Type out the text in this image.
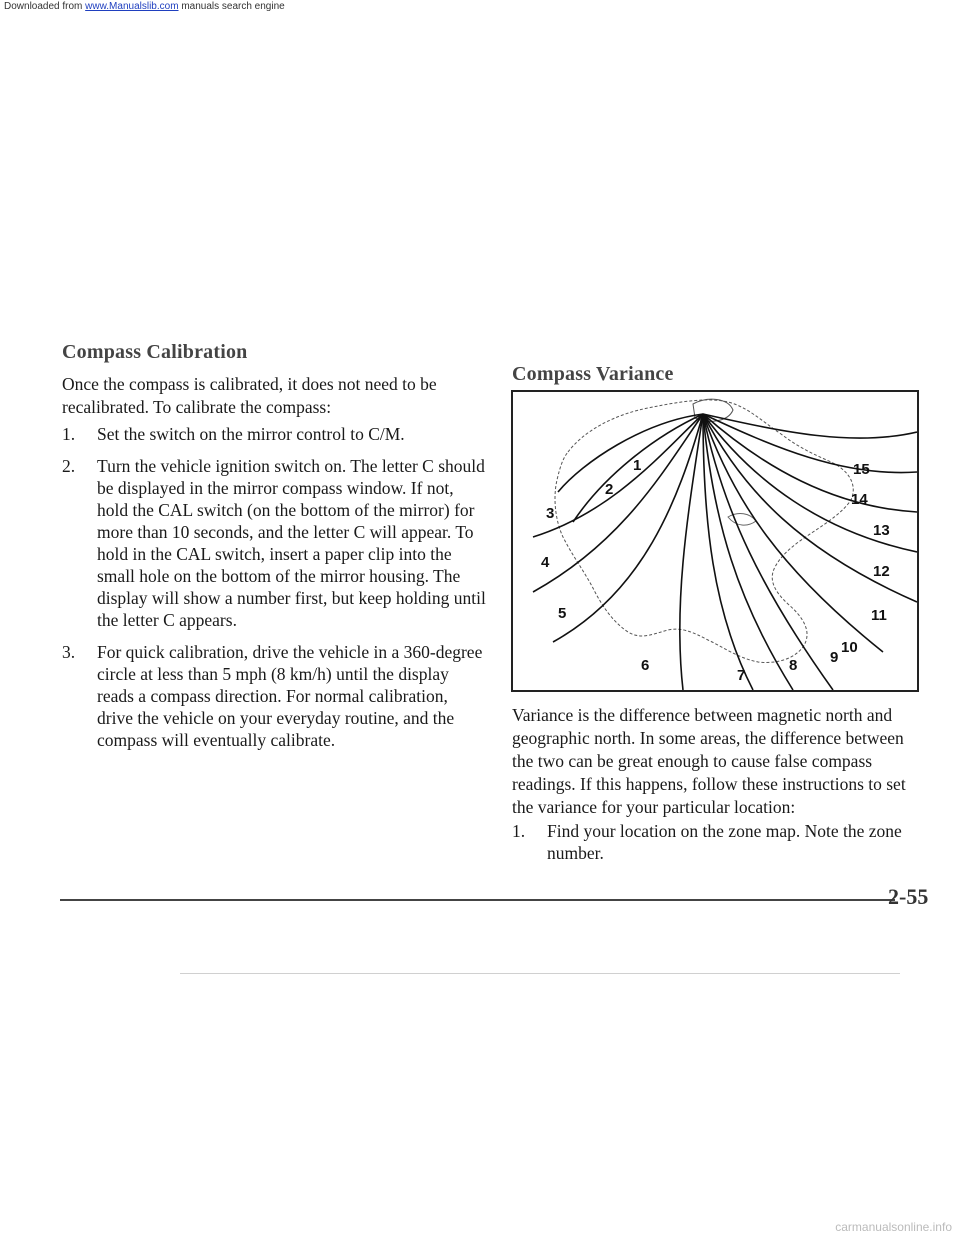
Downloaded from www.Manualslib.com manuals search engine
Compass Calibration

Once the compass is calibrated, it does not need to be recalibrated. To calibrate the compass:

1.	Set the switch on the mirror control to C/M.
2.	Turn the vehicle ignition switch on. The letter C should be displayed in the mirror compass window. If not, hold the CAL switch (on the bottom of the mirror) for more than 10 seconds, and the letter C will appear. To hold in the CAL switch, insert a paper clip into the small hole on the bottom of the mirror housing. The display will show a number first, but keep holding until the letter C appears.
3.	For quick calibration, drive the vehicle in a 360-degree circle at less than 5 mph (8 km/h) until the display reads a compass direction. For normal calibration, drive the vehicle on your everyday routine, and the compass will eventually calibrate.
Compass Variance
1
2
3
4
5
6
7
8 9
10
11
12
13
14
15

Variance is the difference between magnetic north and geographic north. In some areas, the difference between the two can be great enough to cause false compass readings. If this happens, follow these instructions to set the variance for your particular location:

1.	Find your location on the zone map. Note the zone number.
2-55
carmanualsonline.info
